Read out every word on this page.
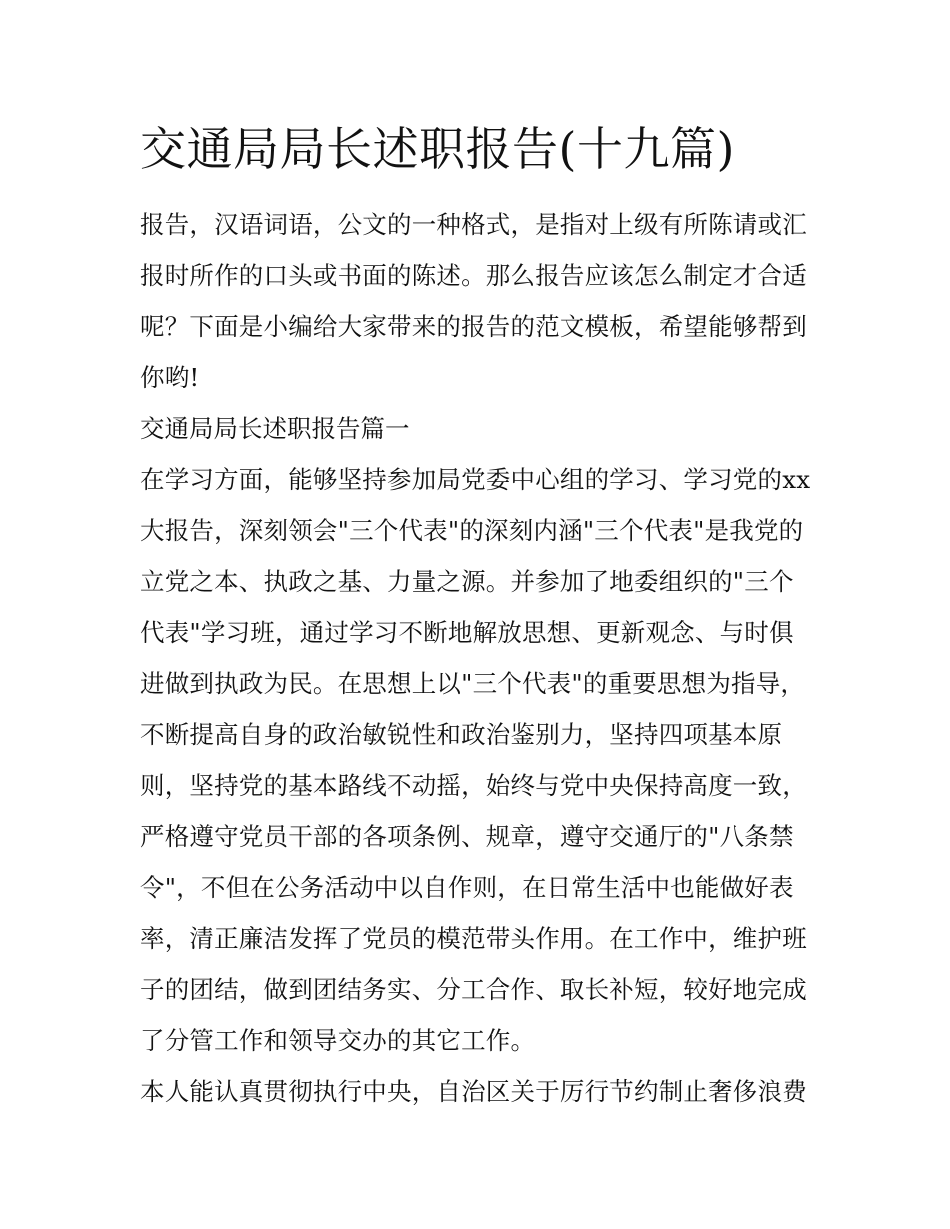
交通局局长述职报告(十九篇)

报告，汉语词语，公文的一种格式，是指对上级有所陈请或汇报时所作的口头或书面的陈述。那么报告应该怎么制定才合适呢？下面是小编给大家带来的报告的范文模板，希望能够帮到你哟!

交通局局长述职报告篇一

在学习方面，能够坚持参加局党委中心组的学习、学习党的xx大报告，深刻领会"三个代表"的深刻内涵"三个代表"是我党的立党之本、执政之基、力量之源。并参加了地委组织的"三个代表"学习班，通过学习不断地解放思想、更新观念、与时俱进做到执政为民。在思想上以"三个代表"的重要思想为指导，不断提高自身的政治敏锐性和政治鉴别力，坚持四项基本原则，坚持党的基本路线不动摇，始终与党中央保持高度一致，严格遵守党员干部的各项条例、规章，遵守交通厅的"八条禁令"，不但在公务活动中以自作则，在日常生活中也能做好表率，清正廉洁发挥了党员的模范带头作用。在工作中，维护班子的团结，做到团结务实、分工合作、取长补短，较好地完成了分管工作和领导交办的其它工作。

本人能认真贯彻执行中央，自治区关于厉行节约制止奢侈浪费
